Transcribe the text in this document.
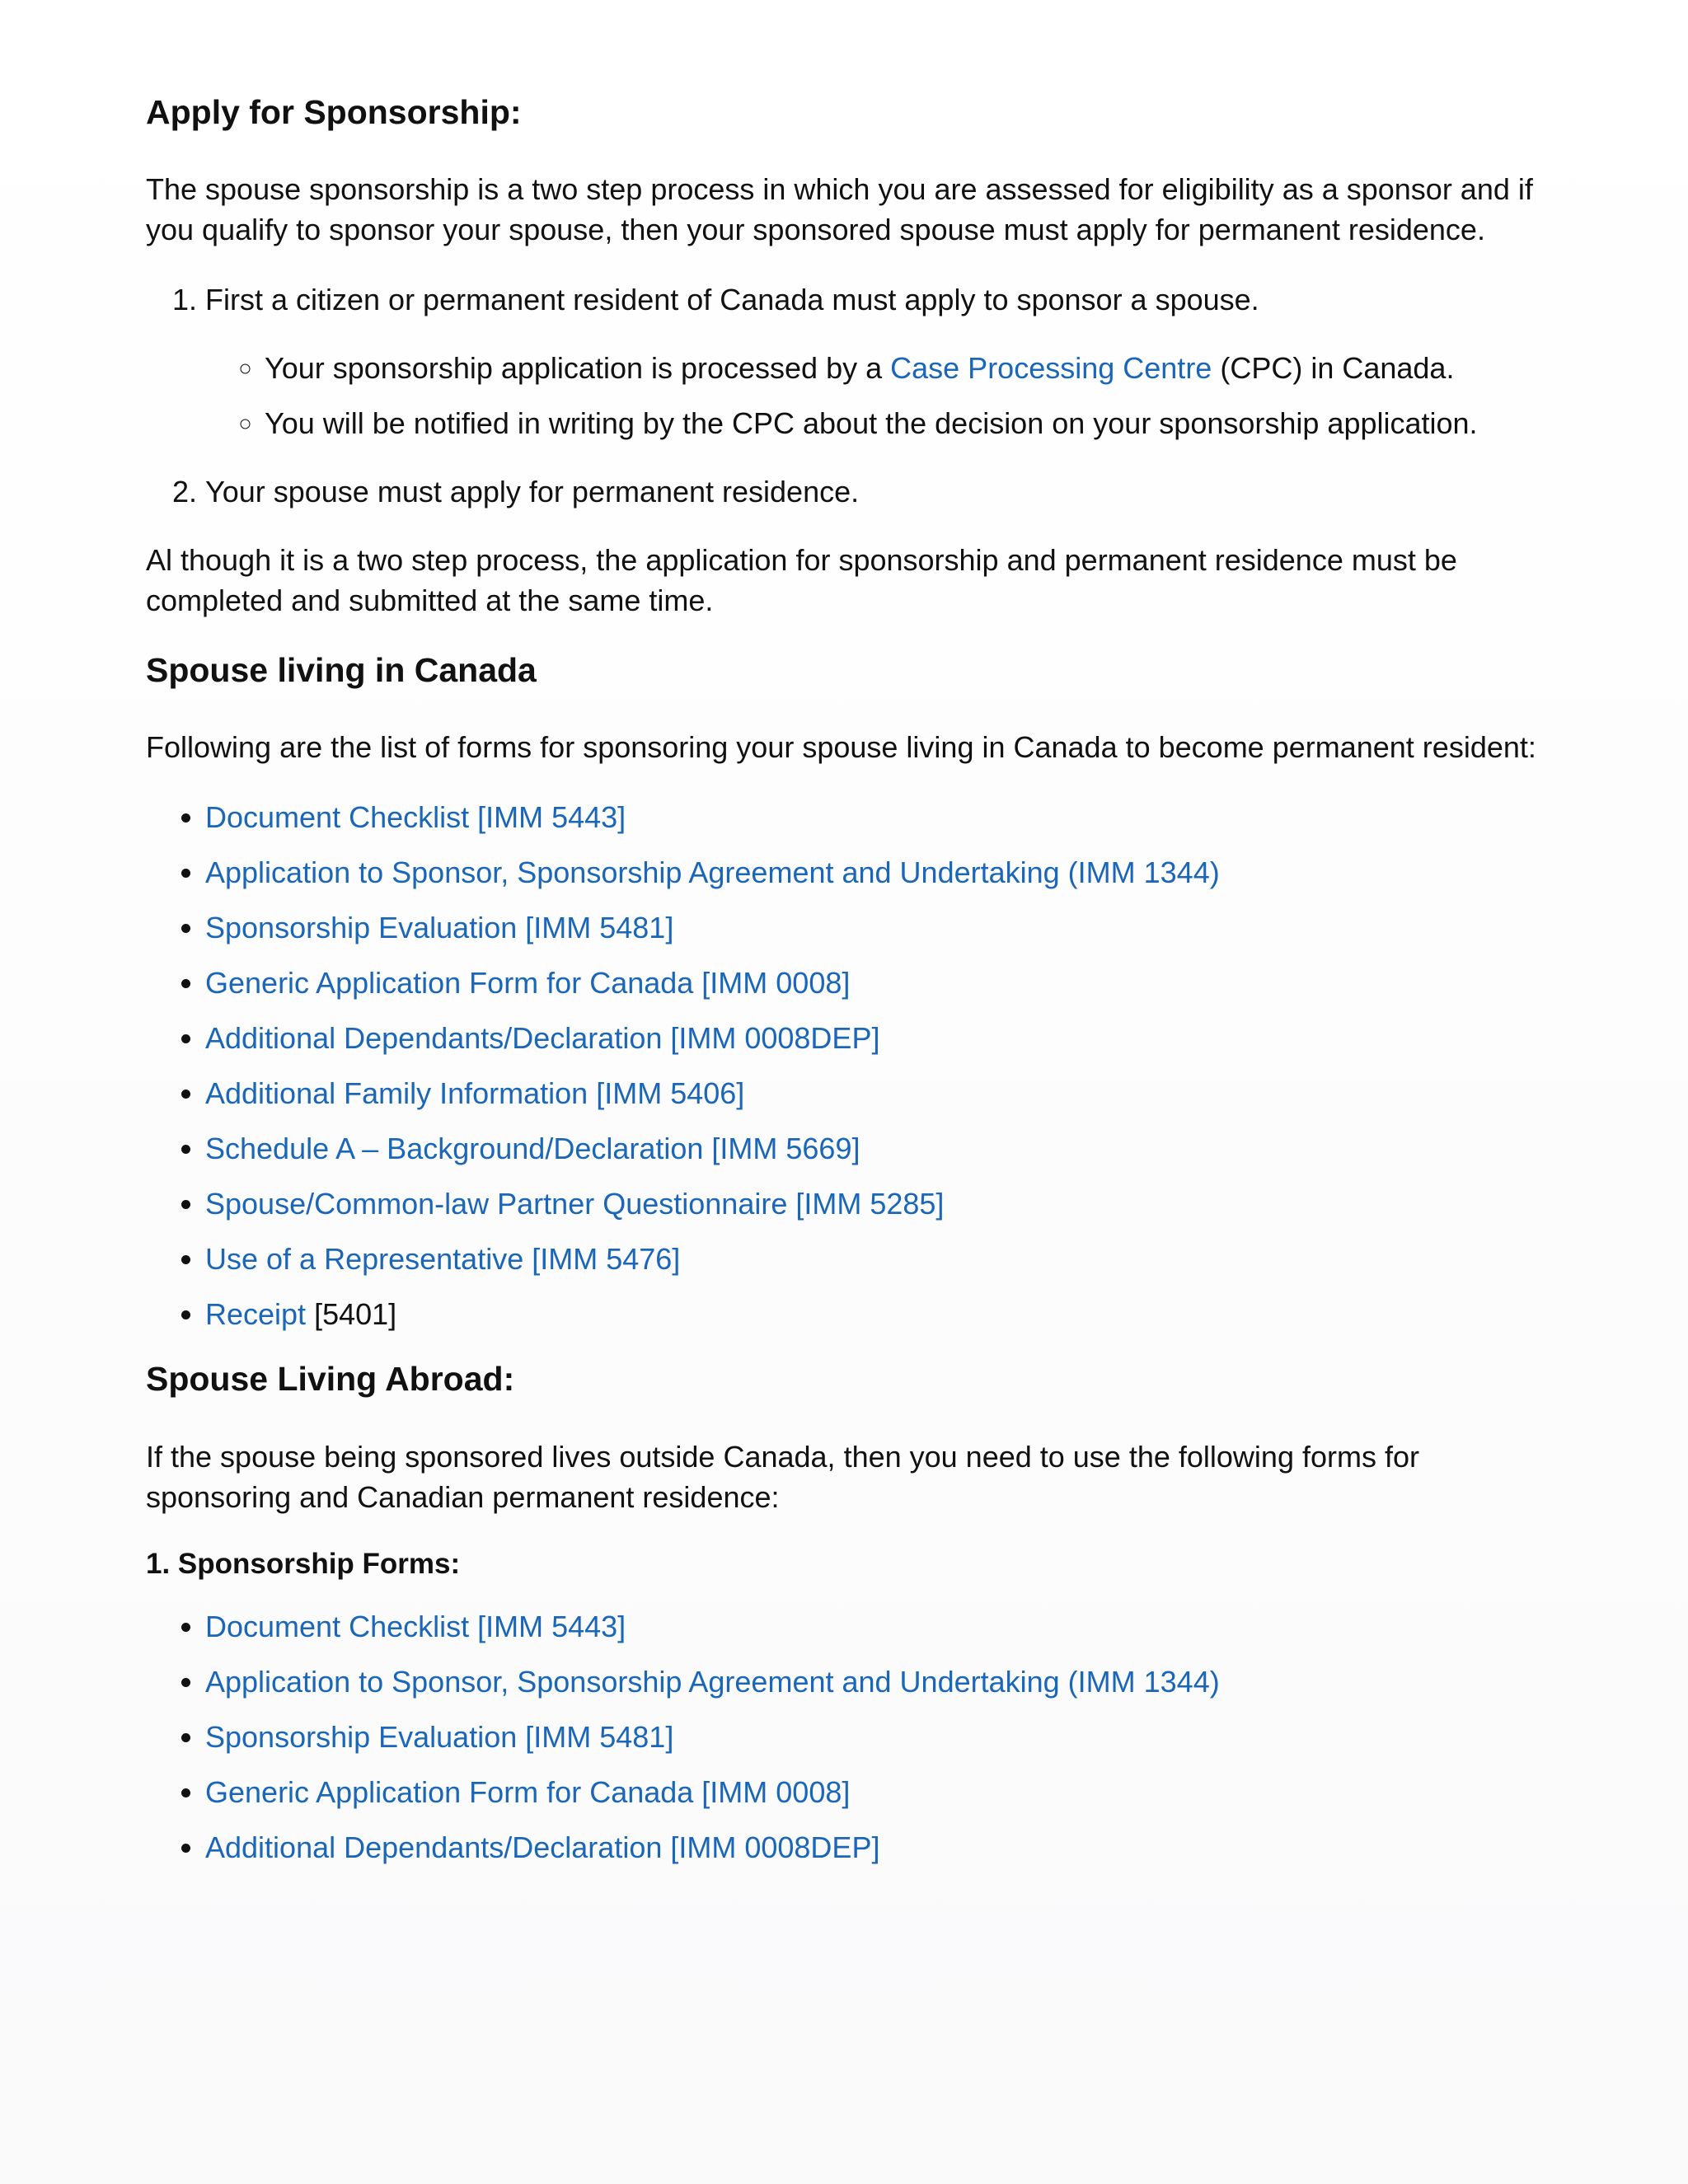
Apply for Sponsorship:

The spouse sponsorship is a two step process in which you are assessed for eligibility as a sponsor and if you qualify to sponsor your spouse, then your sponsored spouse must apply for permanent residence.

1. First a citizen or permanent resident of Canada must apply to sponsor a spouse.
◦ Your sponsorship application is processed by a Case Processing Centre (CPC) in Canada.
◦ You will be notified in writing by the CPC about the decision on your sponsorship application.
2. Your spouse must apply for permanent residence.

Al though it is a two step process, the application for sponsorship and permanent residence must be completed and submitted at the same time.

Spouse living in Canada

Following are the list of forms for sponsoring your spouse living in Canada to become permanent resident:

• Document Checklist [IMM 5443]
• Application to Sponsor, Sponsorship Agreement and Undertaking (IMM 1344)
• Sponsorship Evaluation [IMM 5481]
• Generic Application Form for Canada [IMM 0008]
• Additional Dependants/Declaration [IMM 0008DEP]
• Additional Family Information [IMM 5406]
• Schedule A – Background/Declaration [IMM 5669]
• Spouse/Common-law Partner Questionnaire [IMM 5285]
• Use of a Representative [IMM 5476]
• Receipt [5401]
Spouse Living Abroad:

If the spouse being sponsored lives outside Canada, then you need to use the following forms for sponsoring and Canadian permanent residence:

1. Sponsorship Forms:
• Document Checklist [IMM 5443]
• Application to Sponsor, Sponsorship Agreement and Undertaking (IMM 1344)
• Sponsorship Evaluation [IMM 5481]
• Generic Application Form for Canada [IMM 0008]
• Additional Dependants/Declaration [IMM 0008DEP]
